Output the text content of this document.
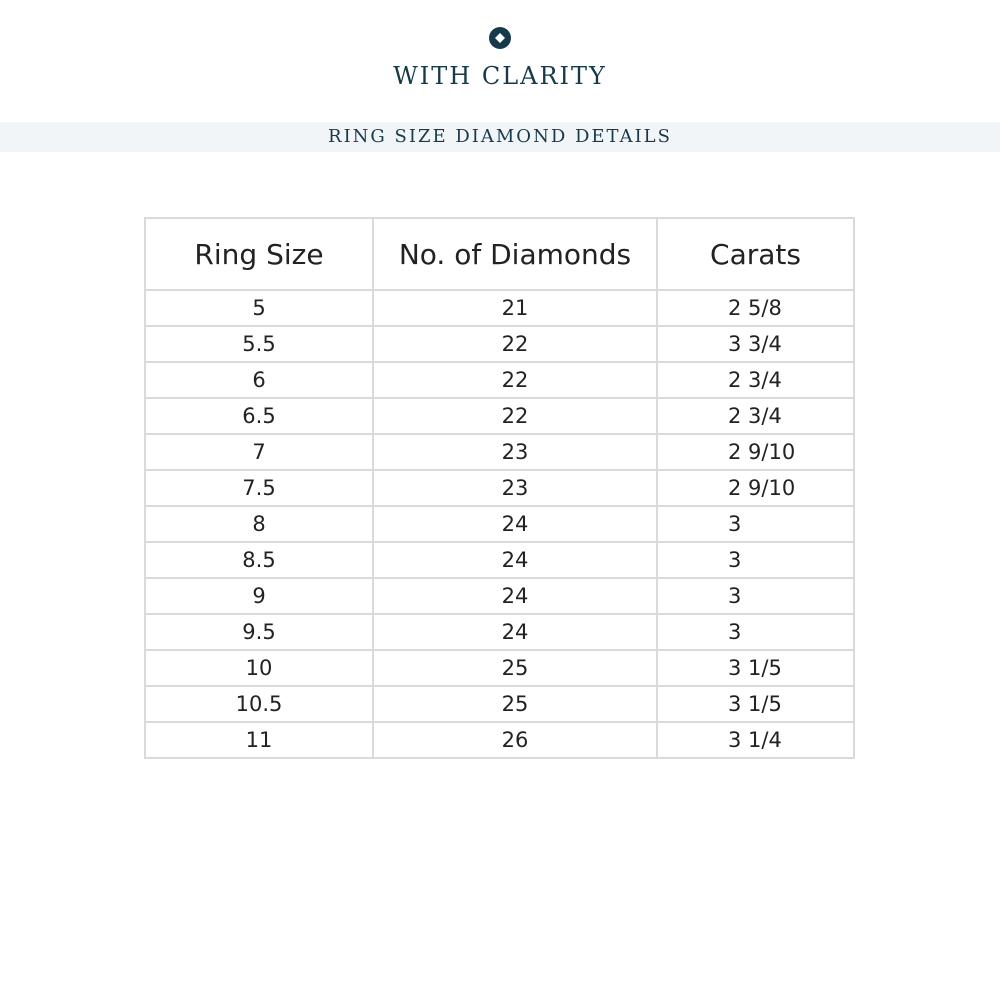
WITH CLARITY
RING SIZE DIAMOND DETAILS
Ring Size	No. of Diamonds	Carats
5	21	2 5/8
5.5	22	3 3/4
6	22	2 3/4
6.5	22	2 3/4
7	23	2 9/10
7.5	23	2 9/10
8	24	3
8.5	24	3
9	24	3
9.5	24	3
10	25	3 1/5
10.5	25	3 1/5
11	26	3 1/4
